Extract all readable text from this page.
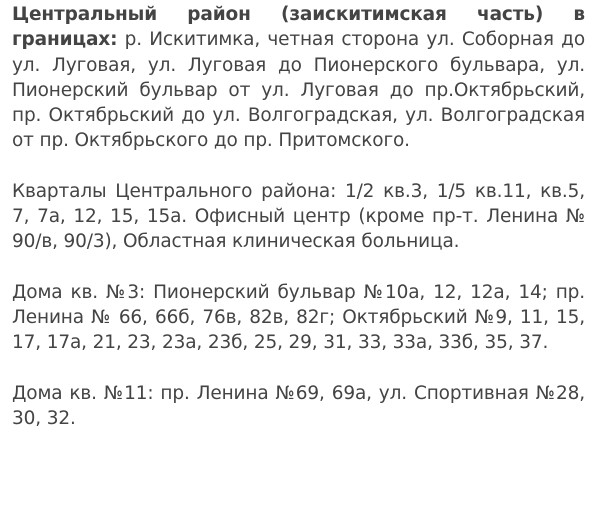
Центральный район (заискитимская часть) в границах: р. Искитимка, четная сторона ул. Соборная до ул. Луговая, ул. Луговая до Пионерского бульвара, ул. Пионерский бульвар от ул. Луговая до пр.Октябрьский, пр. Октябрьский до ул. Волгоградская, ул. Волгоградская от пр. Октябрьского до пр. Притомского.

Кварталы Центрального района: 1/2 кв.3, 1/5 кв.11, кв.5, 7, 7а, 12, 15, 15а. Офисный центр (кроме пр-т. Ленина № 90/в, 90/3), Областная клиническая больница.

Дома кв. №3: Пионерский бульвар №10а, 12, 12а, 14; пр. Ленина № 66, 66б, 76в, 82в, 82г; Октябрьский №9, 11, 15, 17, 17а, 21, 23, 23а, 23б, 25, 29, 31, 33, 33а, 33б, 35, 37.

Дома кв. №11: пр. Ленина №69, 69а, ул. Спортивная №28, 30, 32.
